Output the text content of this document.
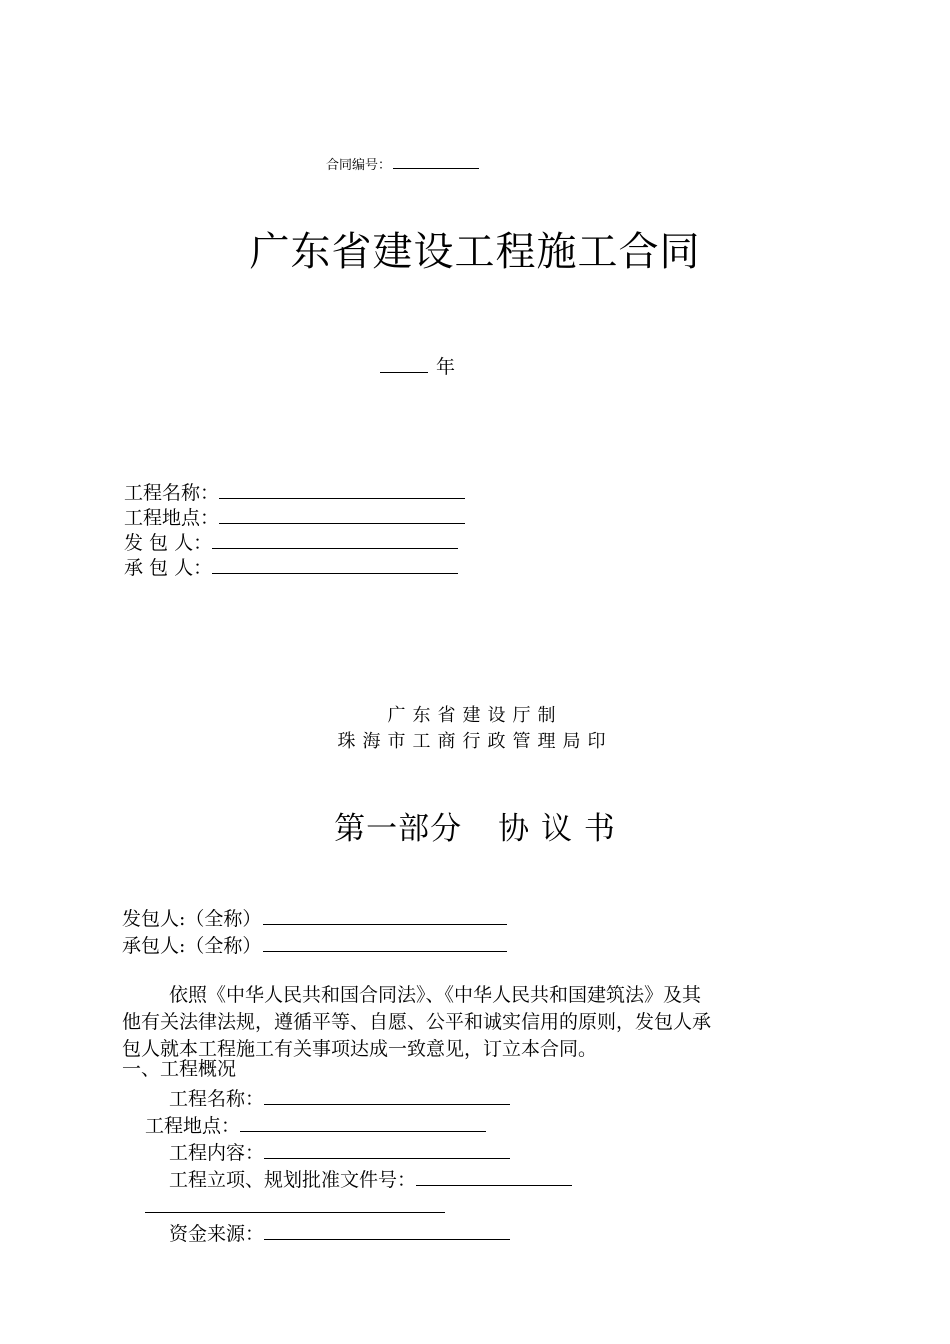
合同编号：
广东省建设工程施工合同
年
工程名称：
工程地点：
发 包 人：
承 包 人：
广东省建设厅制
珠海市工商行政管理局印
第一部分 协 议 书
发包人:（全称）
承包人:（全称）
依照《中华人民共和国合同法》、《中华人民共和国建筑法》及其
他有关法律法规，遵循平等、自愿、公平和诚实信用的原则，发包人承
包人就本工程施工有关事项达成一致意见，订立本合同。
一、工程概况
工程名称：
工程地点：
工程内容：
工程立项、规划批准文件号：
资金来源：
